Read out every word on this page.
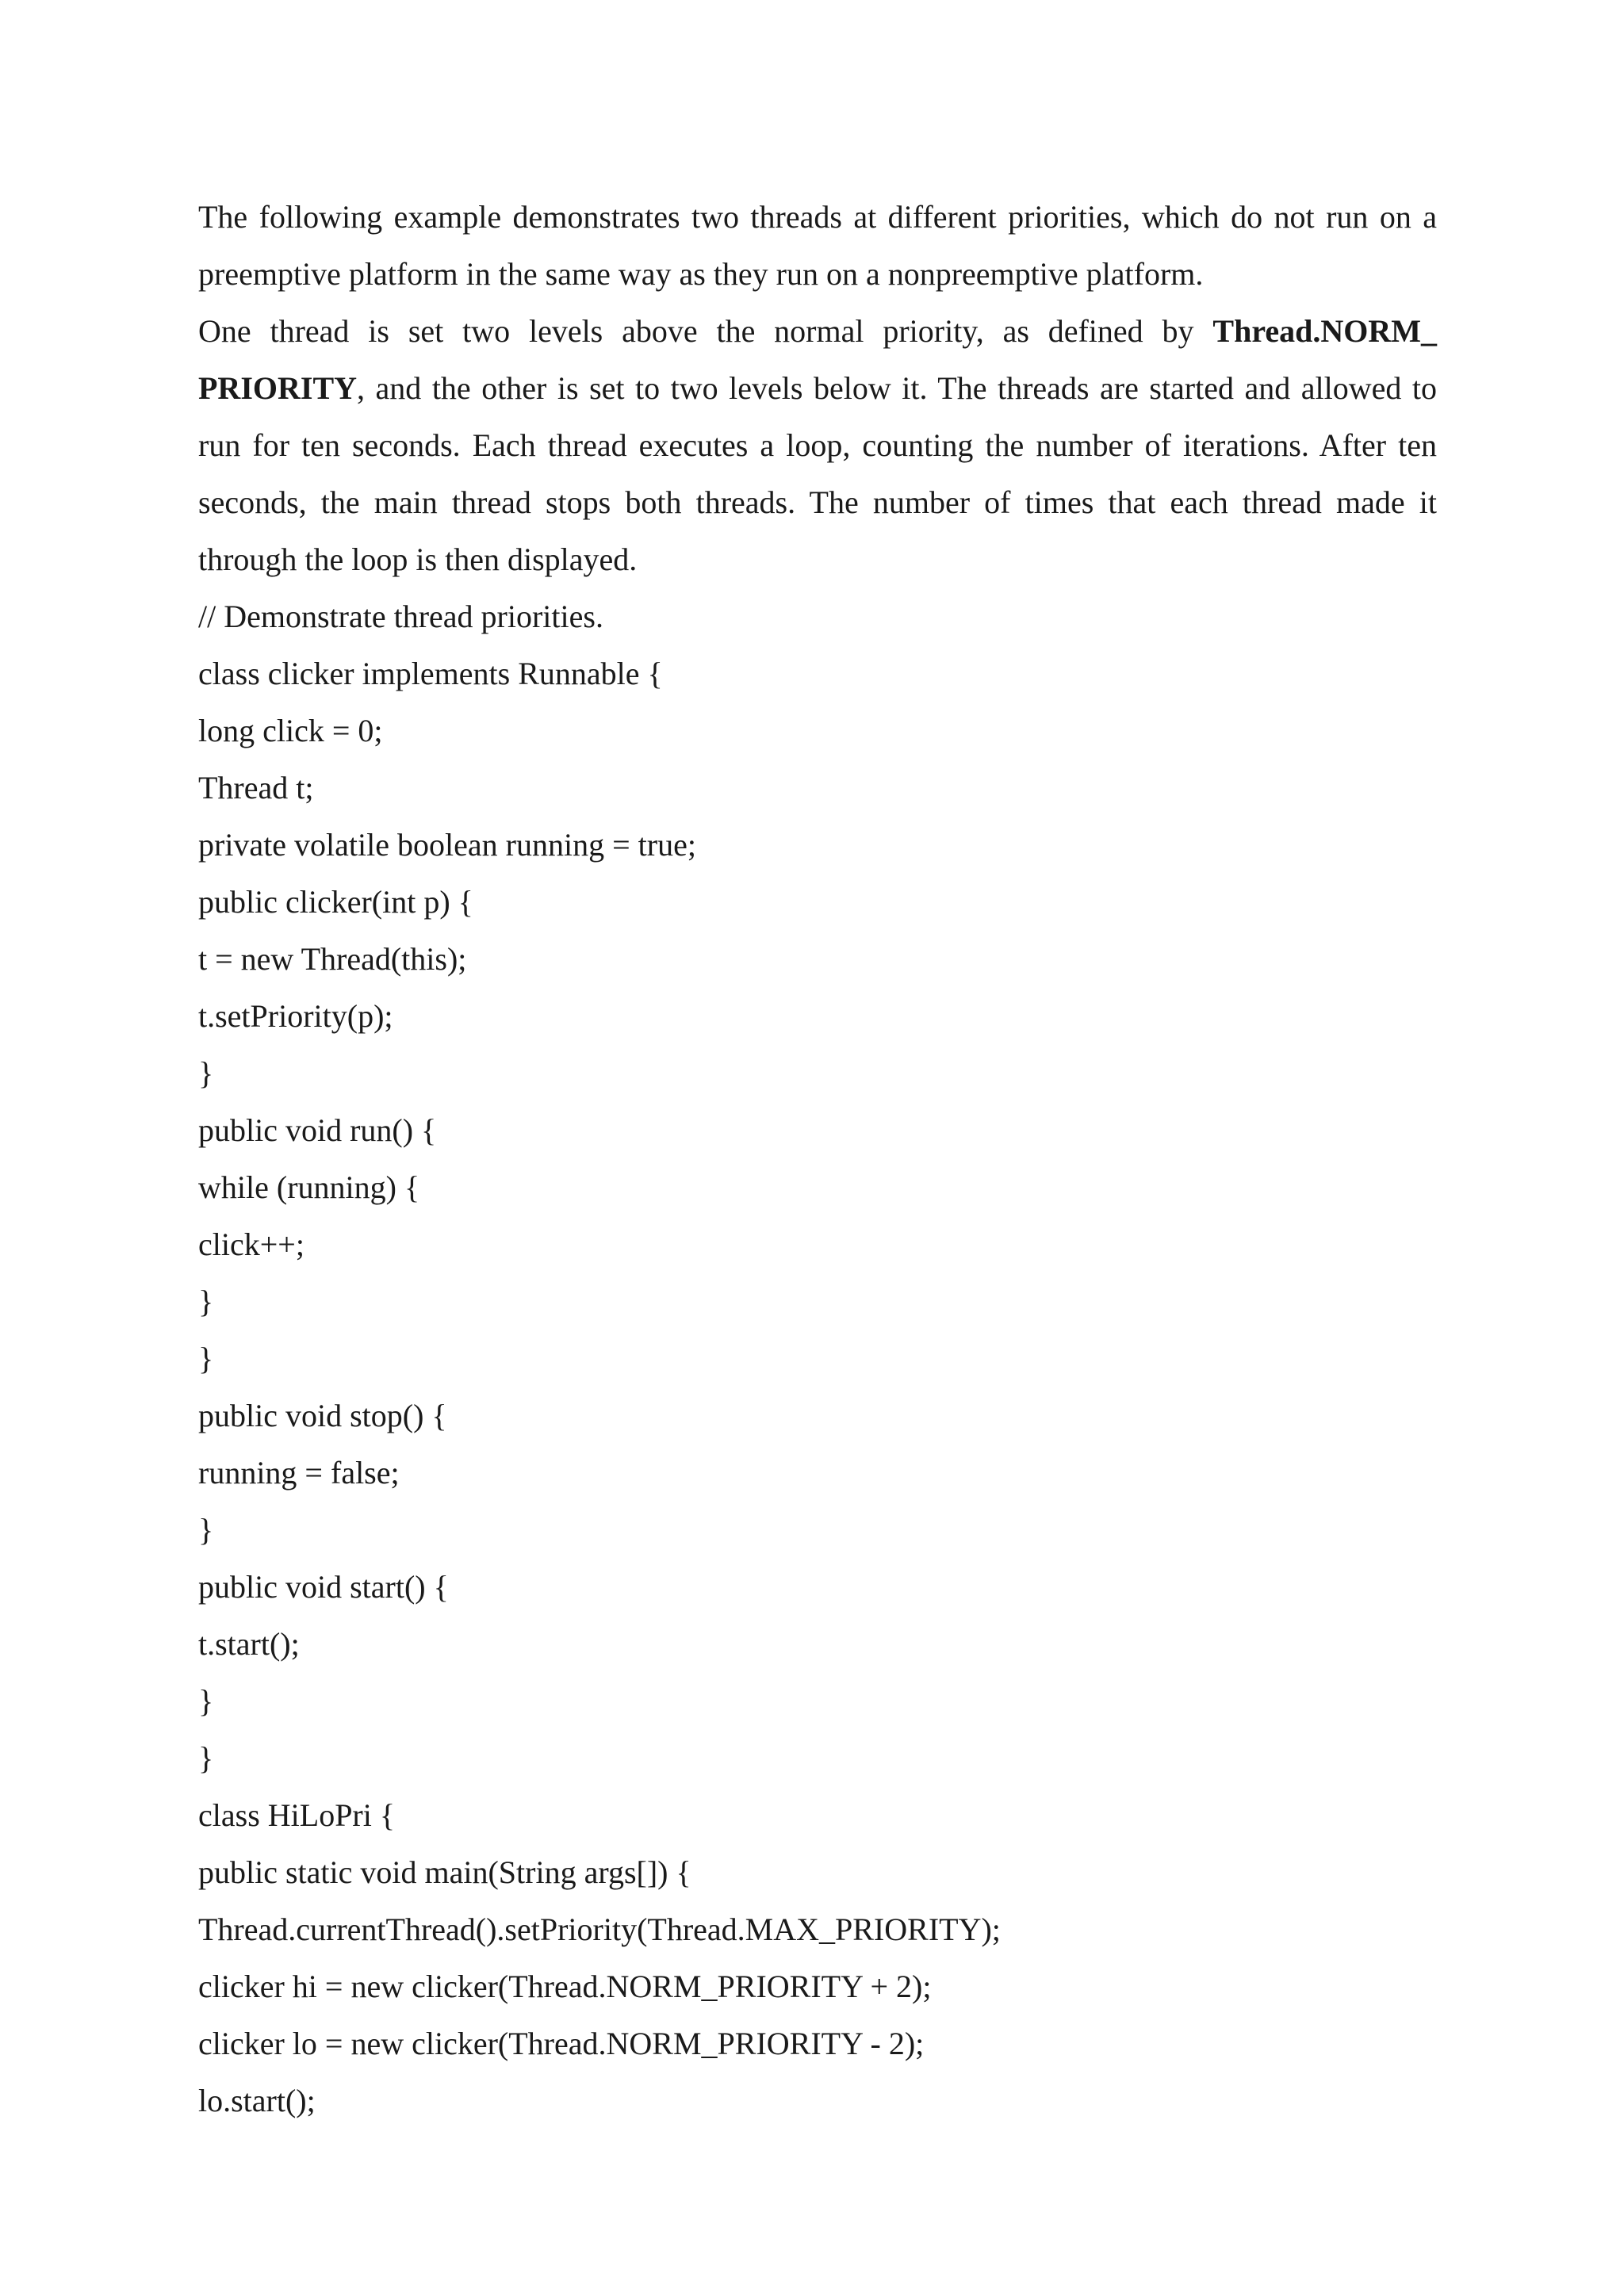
The following example demonstrates two threads at different priorities, which do not run on a preemptive platform in the same way as they run on a nonpreemptive platform.

One thread is set two levels above the normal priority, as defined by Thread.NORM_ PRIORITY, and the other is set to two levels below it. The threads are started and allowed to run for ten seconds. Each thread executes a loop, counting the number of iterations. After ten seconds, the main thread stops both threads. The number of times that each thread made it through the loop is then displayed.

// Demonstrate thread priorities.
class clicker implements Runnable {
long click = 0;
Thread t;
private volatile boolean running = true;
public clicker(int p) {
t = new Thread(this);
t.setPriority(p);
}
public void run() {
while (running) {
click++;
}
}
public void stop() {
running = false;
}
public void start() {
t.start();
}
}
class HiLoPri {
public static void main(String args[]) {
Thread.currentThread().setPriority(Thread.MAX_PRIORITY);
clicker hi = new clicker(Thread.NORM_PRIORITY + 2);
clicker lo = new clicker(Thread.NORM_PRIORITY - 2);
lo.start();
